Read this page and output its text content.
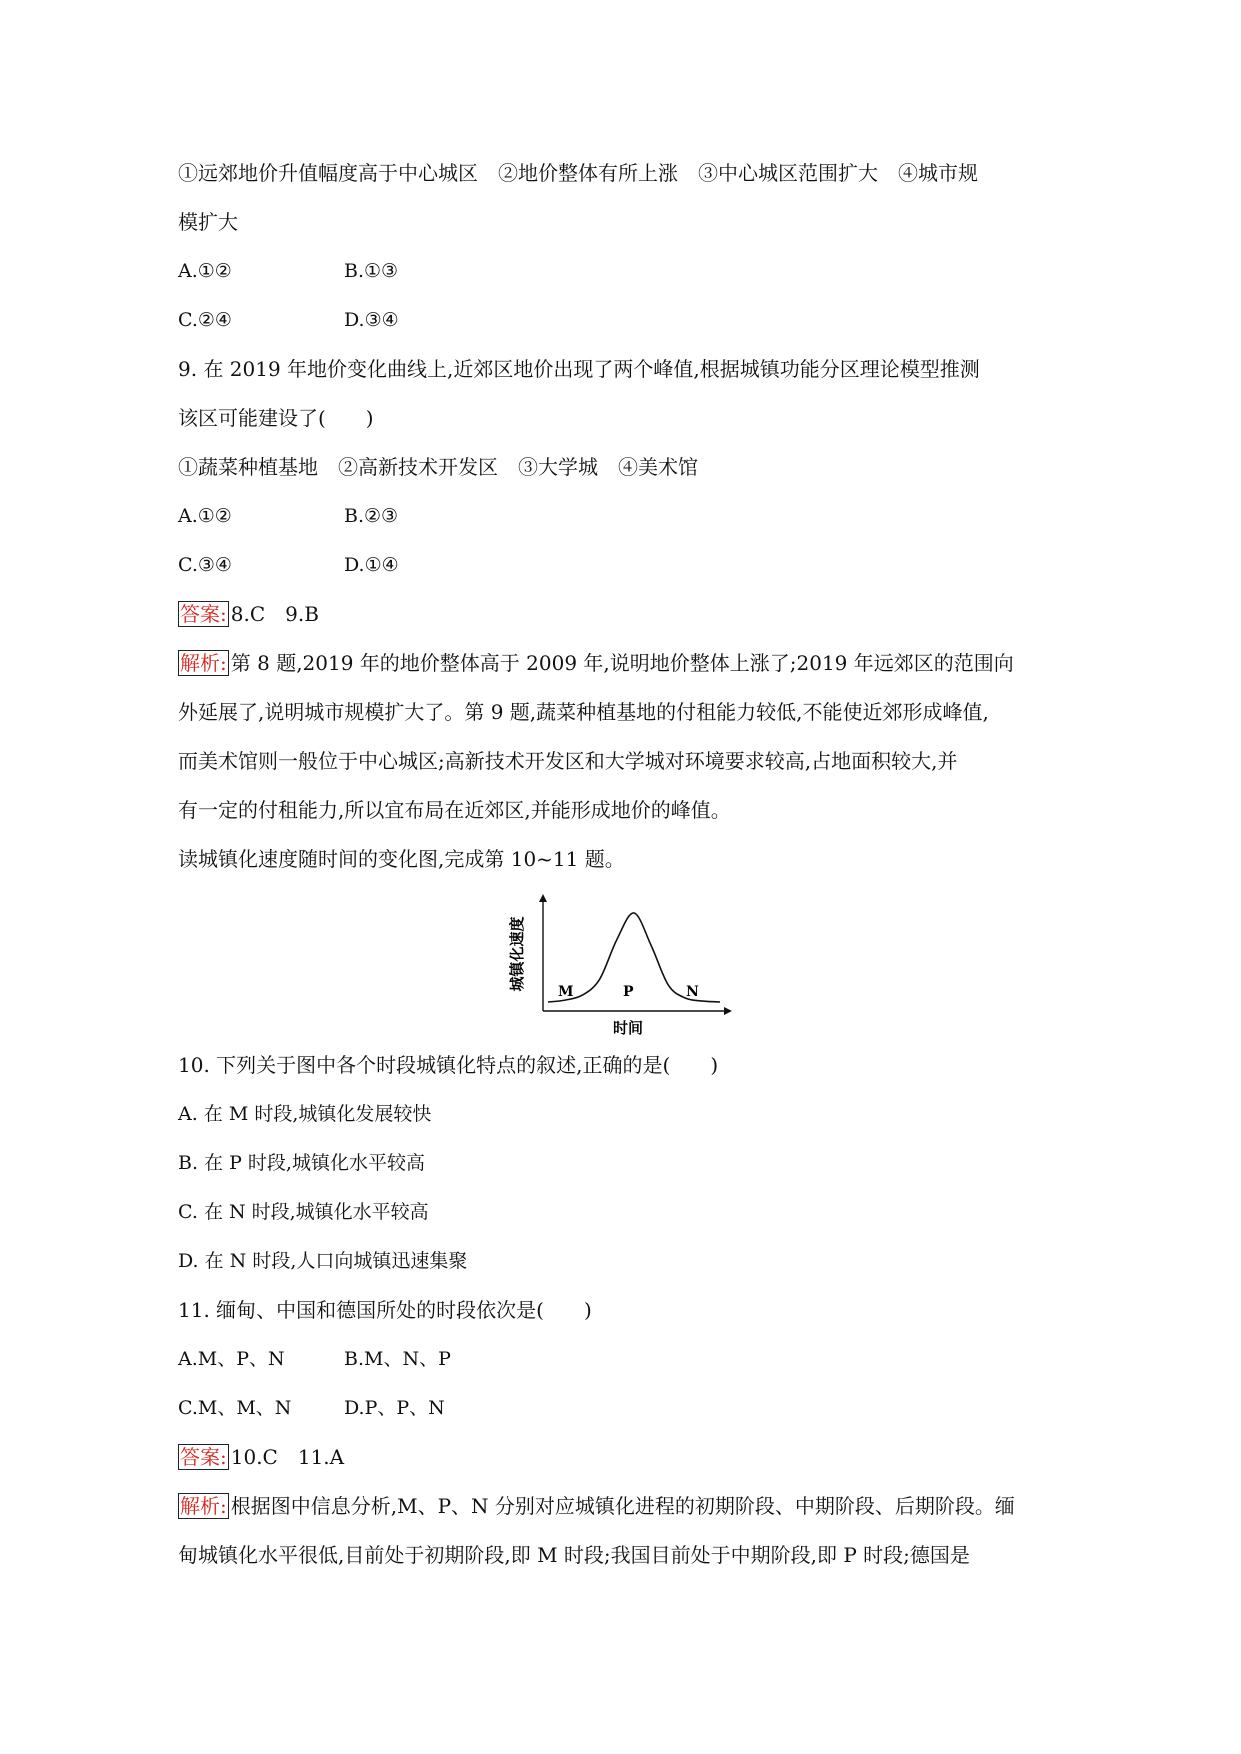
①远郊地价升值幅度高于中心城区　②地价整体有所上涨　③中心城区范围扩大　④城市规
模扩大
A.①②	B.①③
C.②④	D.③④
9. 在 2019 年地价变化曲线上,近郊区地价出现了两个峰值,根据城镇功能分区理论模型推测
该区可能建设了(　　)
①蔬菜种植基地　②高新技术开发区　③大学城　④美术馆
A.①②	B.②③
C.③④	D.①④
答案: 8.C　9.B
解析: 第 8 题,2019 年的地价整体高于 2009 年,说明地价整体上涨了;2019 年远郊区的范围向
外延展了,说明城市规模扩大了。第 9 题,蔬菜种植基地的付租能力较低,不能使近郊形成峰值,
而美术馆则一般位于中心城区;高新技术开发区和大学城对环境要求较高,占地面积较大,并
有一定的付租能力,所以宜布局在近郊区,并能形成地价的峰值。
读城镇化速度随时间的变化图,完成第 10~11 题。
城镇化速度
时间
M	P	N
10. 下列关于图中各个时段城镇化特点的叙述,正确的是(　　)
A. 在 M 时段,城镇化发展较快
B. 在 P 时段,城镇化水平较高
C. 在 N 时段,城镇化水平较高
D. 在 N 时段,人口向城镇迅速集聚
11. 缅甸、中国和德国所处的时段依次是(　　)
A.M、P、N	B.M、N、P
C.M、M、N	D.P、P、N
答案: 10.C　11.A
解析: 根据图中信息分析,M、P、N 分别对应城镇化进程的初期阶段、中期阶段、后期阶段。缅
甸城镇化水平很低,目前处于初期阶段,即 M 时段;我国目前处于中期阶段,即 P 时段;德国是
